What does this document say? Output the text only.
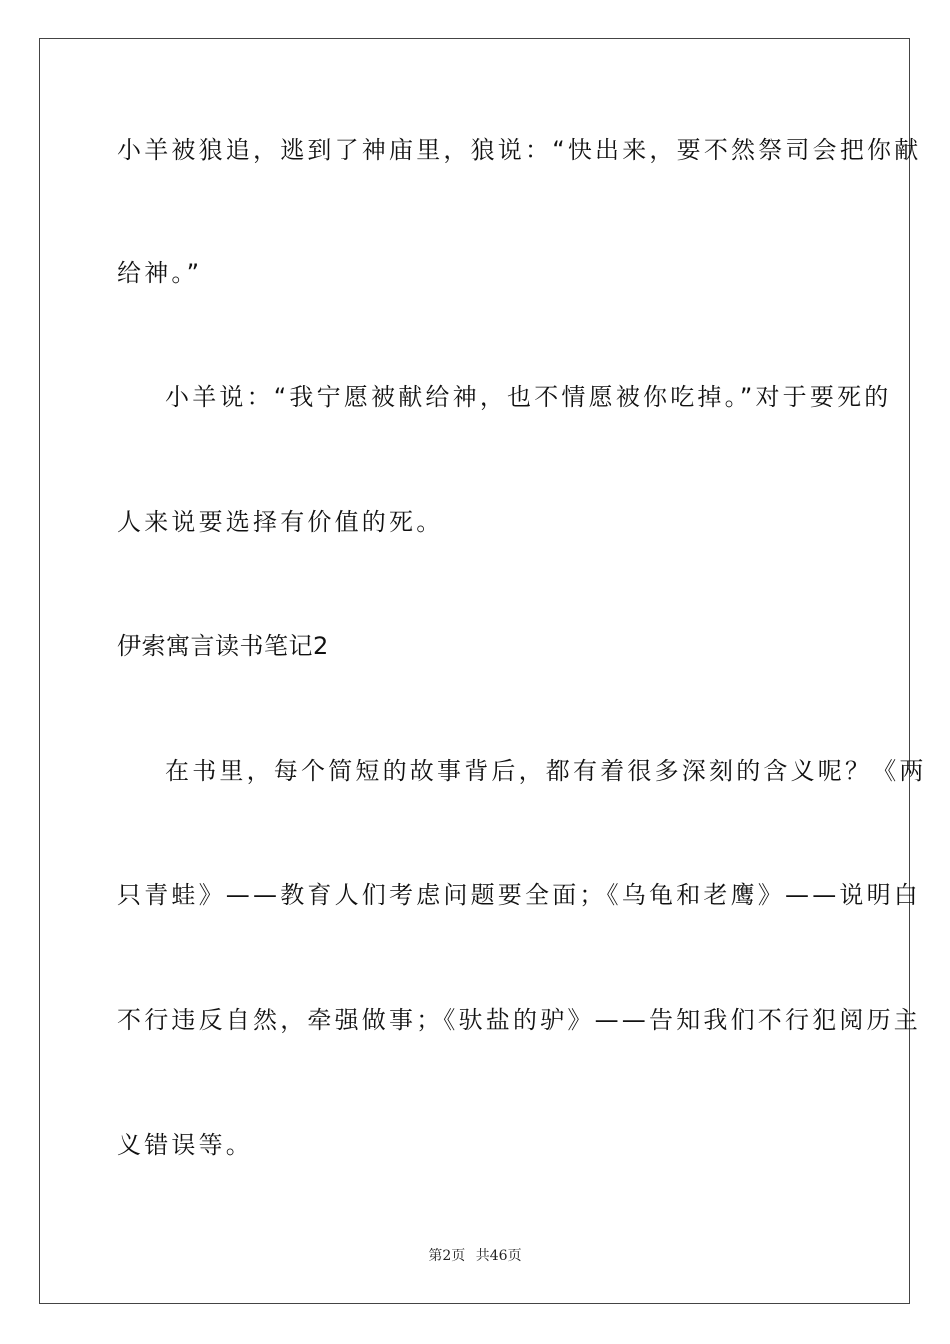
小羊被狼追，逃到了神庙里，狼说：“快出来，要不然祭司会把你献
给神。”
小羊说：“我宁愿被献给神，也不情愿被你吃掉。”对于要死的
人来说要选择有价值的死。
伊索寓言读书笔记2
在书里，每个简短的故事背后，都有着很多深刻的含义呢？《两
只青蛙》——教育人们考虑问题要全面；《乌龟和老鹰》——说明白
不行违反自然，牵强做事；《驮盐的驴》——告知我们不行犯阅历主
义错误等。
第2页 共46页
